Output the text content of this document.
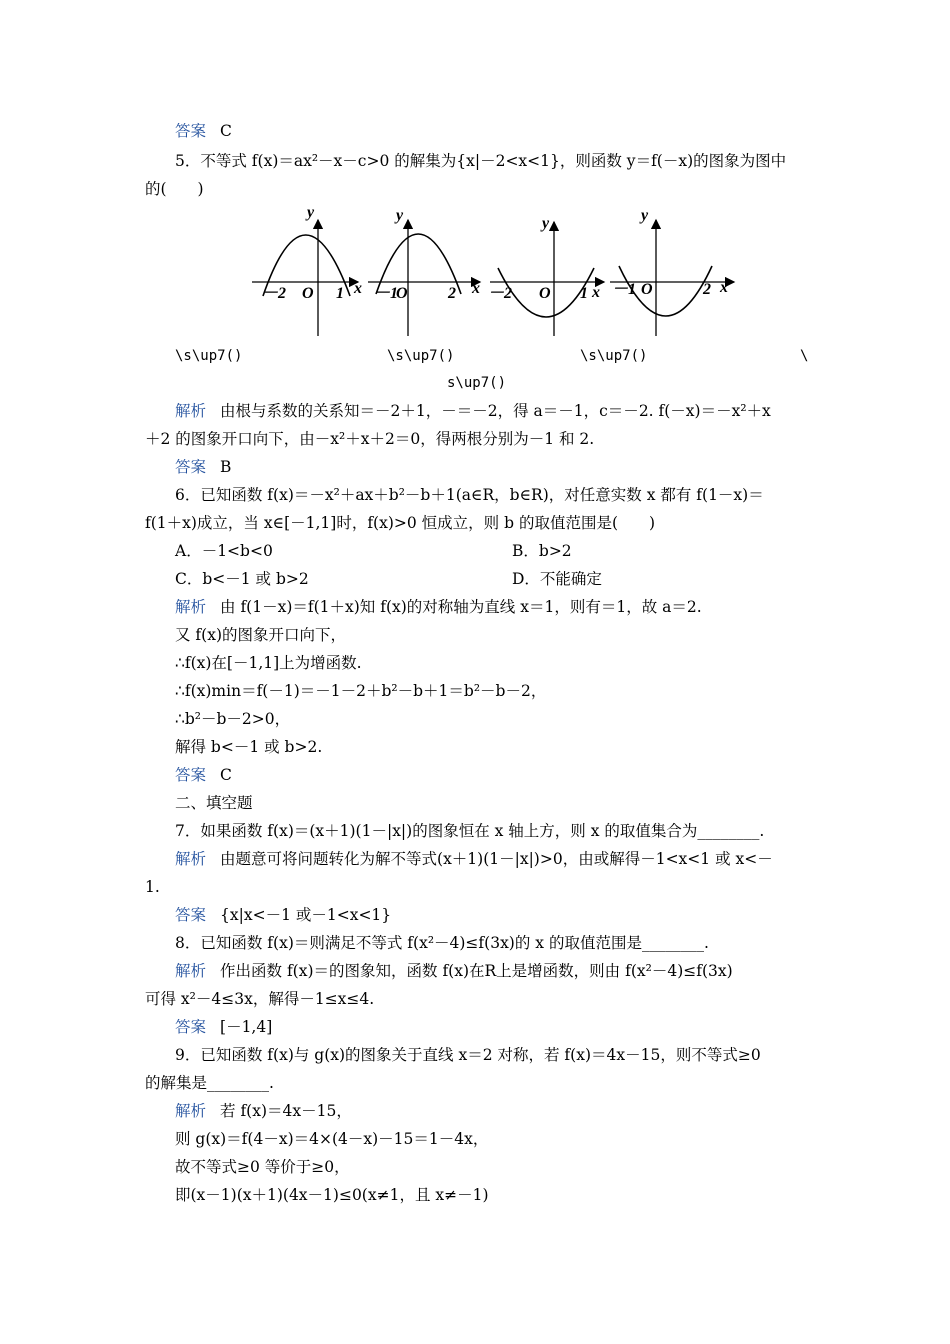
答案 C
5．不等式 f(x)＝ax²－x－c>0 的解集为{x|－2<x<1}，则函数 y＝f(－x)的图象为图中
的(　　)
y
x
O
－2	1
y
x
O
－1	2
y
x
O
－2	1
y
x
O
－1	2
\s\up7()	\s\up7()	\s\up7()	\
s\up7()
解析 由根与系数的关系知＝－2＋1，－＝－2，得 a＝－1，c＝－2. f(－x)＝－x²＋x
＋2 的图象开口向下，由－x²＋x＋2＝0，得两根分别为－1 和 2.
答案 B
6．已知函数 f(x)＝－x²＋ax＋b²－b＋1(a∈R，b∈R)，对任意实数 x 都有 f(1－x)＝
f(1＋x)成立，当 x∈[－1,1]时，f(x)>0 恒成立，则 b 的取值范围是(　　)
A．－1<b<0	B．b>2
C．b<－1 或 b>2	D．不能确定
解析 由 f(1－x)＝f(1＋x)知 f(x)的对称轴为直线 x＝1，则有＝1，故 a＝2.
又 f(x)的图象开口向下，
∴f(x)在[－1,1]上为增函数.
∴f(x)min＝f(－1)＝－1－2＋b²－b＋1＝b²－b－2，
∴b²－b－2>0，
解得 b<－1 或 b>2.
答案 C
二、填空题
7．如果函数 f(x)＝(x＋1)(1－|x|)的图象恒在 x 轴上方，则 x 的取值集合为________.
解析 由题意可将问题转化为解不等式(x＋1)(1－|x|)>0，由或解得－1<x<1 或 x<－
1.
答案 {x|x<－1 或－1<x<1}
8．已知函数 f(x)＝则满足不等式 f(x²－4)≤f(3x)的 x 的取值范围是________.
解析 作出函数 f(x)＝的图象知，函数 f(x)在R上是增函数，则由 f(x²－4)≤f(3x)
可得 x²－4≤3x，解得－1≤x≤4.
答案 [－1,4]
9．已知函数 f(x)与 g(x)的图象关于直线 x＝2 对称，若 f(x)＝4x－15，则不等式≥0
的解集是________.
解析 若 f(x)＝4x－15，
则 g(x)＝f(4－x)＝4×(4－x)－15＝1－4x，
故不等式≥0 等价于≥0，
即(x－1)(x＋1)(4x－1)≤0(x≠1，且 x≠－1)
